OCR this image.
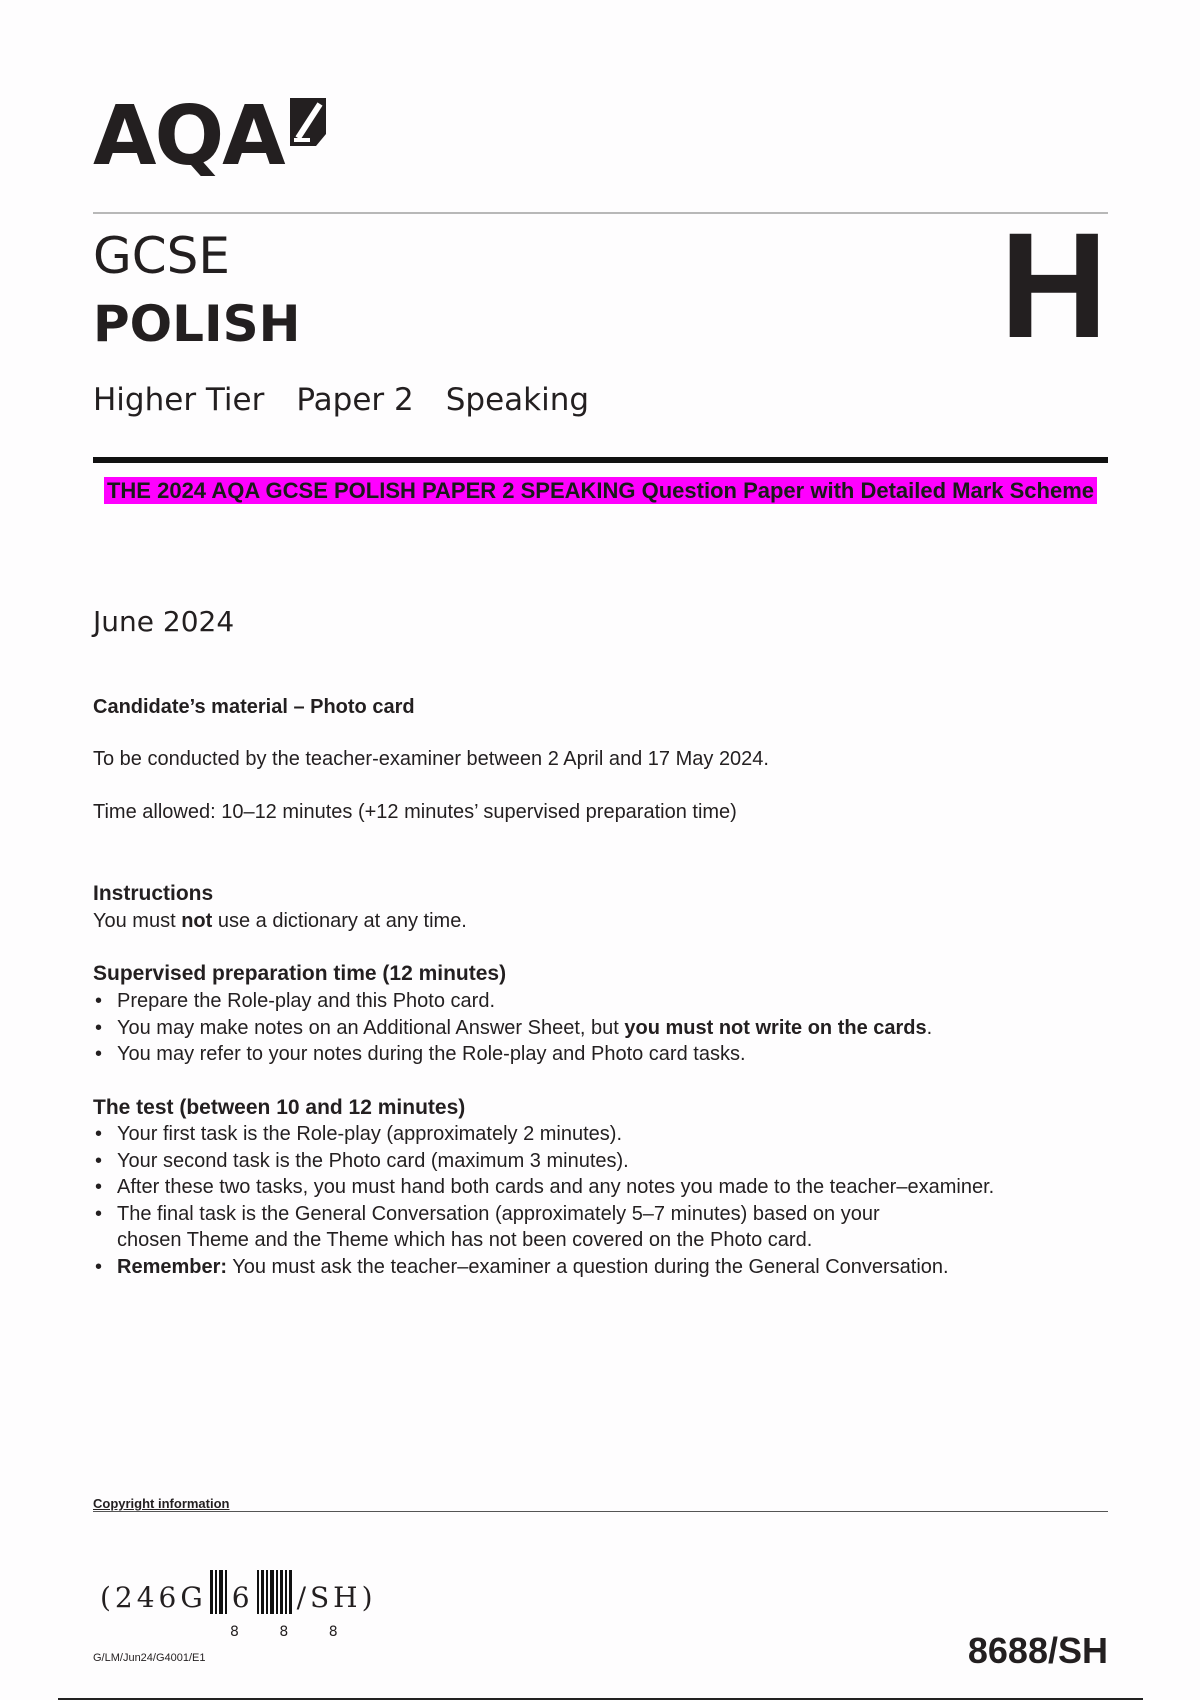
AQA
GCSE
POLISH	H
Higher Tier Paper 2 Speaking
THE 2024 AQA GCSE POLISH PAPER 2 SPEAKING Question Paper with Detailed Mark Scheme
June 2024
Candidate’s material – Photo card
To be conducted by the teacher-examiner between 2 April and 17 May 2024.
Time allowed: 10–12 minutes (+12 minutes’ supervised preparation time)
Instructions
You must not use a dictionary at any time.
Supervised preparation time (12 minutes)
• Prepare the Role-play and this Photo card.
• You may make notes on an Additional Answer Sheet, but you must not write on the cards.
• You may refer to your notes during the Role-play and Photo card tasks.
The test (between 10 and 12 minutes)
• Your first task is the Role-play (approximately 2 minutes).
• Your second task is the Photo card (maximum 3 minutes).
• After these two tasks, you must hand both cards and any notes you made to the teacher–examiner.
• The final task is the General Conversation (approximately 5–7 minutes) based on your
chosen Theme and the Theme which has not been covered on the Photo card.
• Remember: You must ask the teacher–examiner a question during the General Conversation.
Copyright information
(246G 6 /SH)
8 8 8
G/LM/Jun24/G4001/E1	8688/SH
